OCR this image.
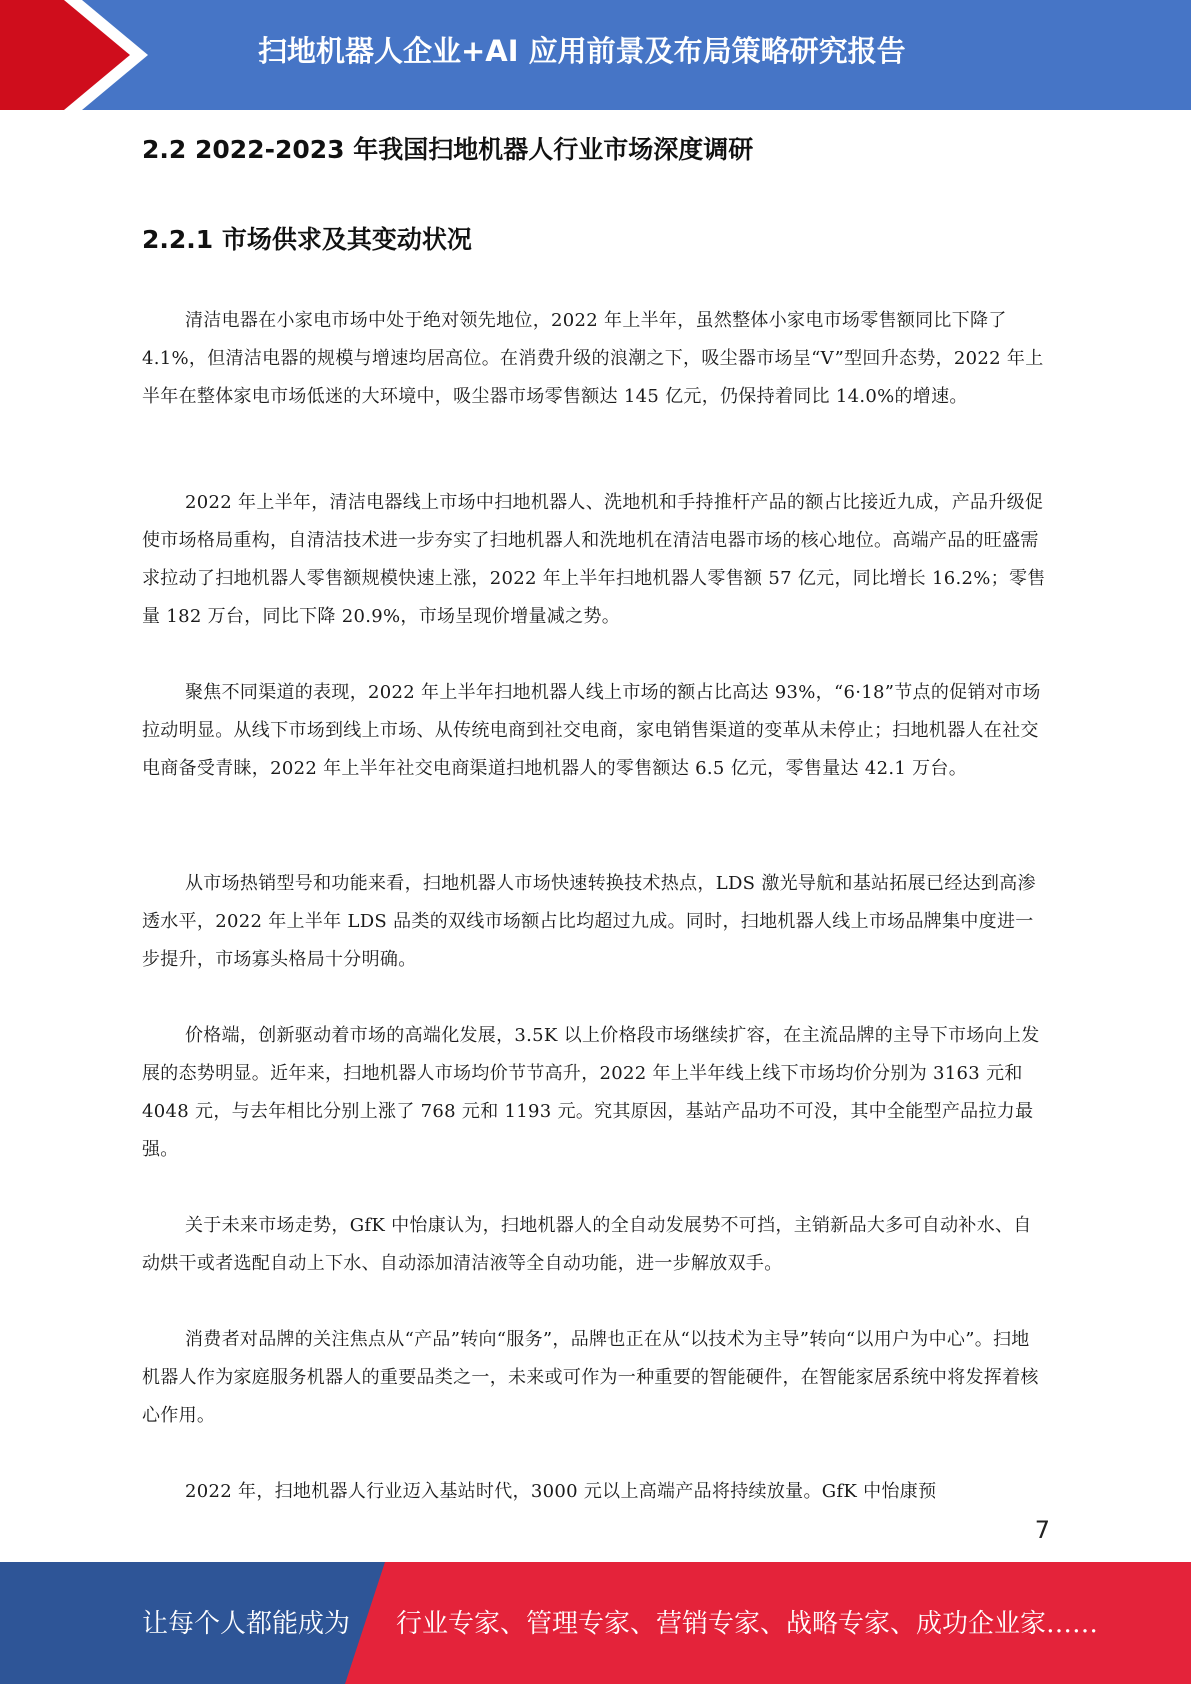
扫地机器人企业+AI 应用前景及布局策略研究报告
2.2 2022-2023 年我国扫地机器人行业市场深度调研
2.2.1 市场供求及其变动状况

清洁电器在小家电市场中处于绝对领先地位，2022 年上半年，虽然整体小家电市场零售额同比下降了 4.1%，但清洁电器的规模与增速均居高位。在消费升级的浪潮之下，吸尘器市场呈“V”型回升态势，2022 年上半年在整体家电市场低迷的大环境中，吸尘器市场零售额达 145 亿元，仍保持着同比 14.0%的增速。

2022 年上半年，清洁电器线上市场中扫地机器人、洗地机和手持推杆产品的额占比接近九成，产品升级促使市场格局重构，自清洁技术进一步夯实了扫地机器人和洗地机在清洁电器市场的核心地位。高端产品的旺盛需求拉动了扫地机器人零售额规模快速上涨，2022 年上半年扫地机器人零售额 57 亿元，同比增长 16.2%；零售量 182 万台，同比下降 20.9%，市场呈现价增量减之势。

聚焦不同渠道的表现，2022 年上半年扫地机器人线上市场的额占比高达 93%，“6·18”节点的促销对市场拉动明显。从线下市场到线上市场、从传统电商到社交电商，家电销售渠道的变革从未停止；扫地机器人在社交电商备受青睐，2022 年上半年社交电商渠道扫地机器人的零售额达 6.5 亿元，零售量达 42.1 万台。

从市场热销型号和功能来看，扫地机器人市场快速转换技术热点，LDS 激光导航和基站拓展已经达到高渗透水平，2022 年上半年 LDS 品类的双线市场额占比均超过九成。同时，扫地机器人线上市场品牌集中度进一步提升，市场寡头格局十分明确。

价格端，创新驱动着市场的高端化发展，3.5K 以上价格段市场继续扩容，在主流品牌的主导下市场向上发展的态势明显。近年来，扫地机器人市场均价节节高升，2022 年上半年线上线下市场均价分别为 3163 元和 4048 元，与去年相比分别上涨了 768 元和 1193 元。究其原因，基站产品功不可没，其中全能型产品拉力最强。

关于未来市场走势，GfK 中怡康认为，扫地机器人的全自动发展势不可挡，主销新品大多可自动补水、自动烘干或者选配自动上下水、自动添加清洁液等全自动功能，进一步解放双手。

消费者对品牌的关注焦点从“产品”转向“服务”，品牌也正在从“以技术为主导”转向“以用户为中心”。扫地机器人作为家庭服务机器人的重要品类之一，未来或可作为一种重要的智能硬件，在智能家居系统中将发挥着核心作用。

2022 年，扫地机器人行业迈入基站时代，3000 元以上高端产品将持续放量。GfK 中怡康预

7
让每个人都能成为 行业专家、管理专家、营销专家、战略专家、成功企业家……
